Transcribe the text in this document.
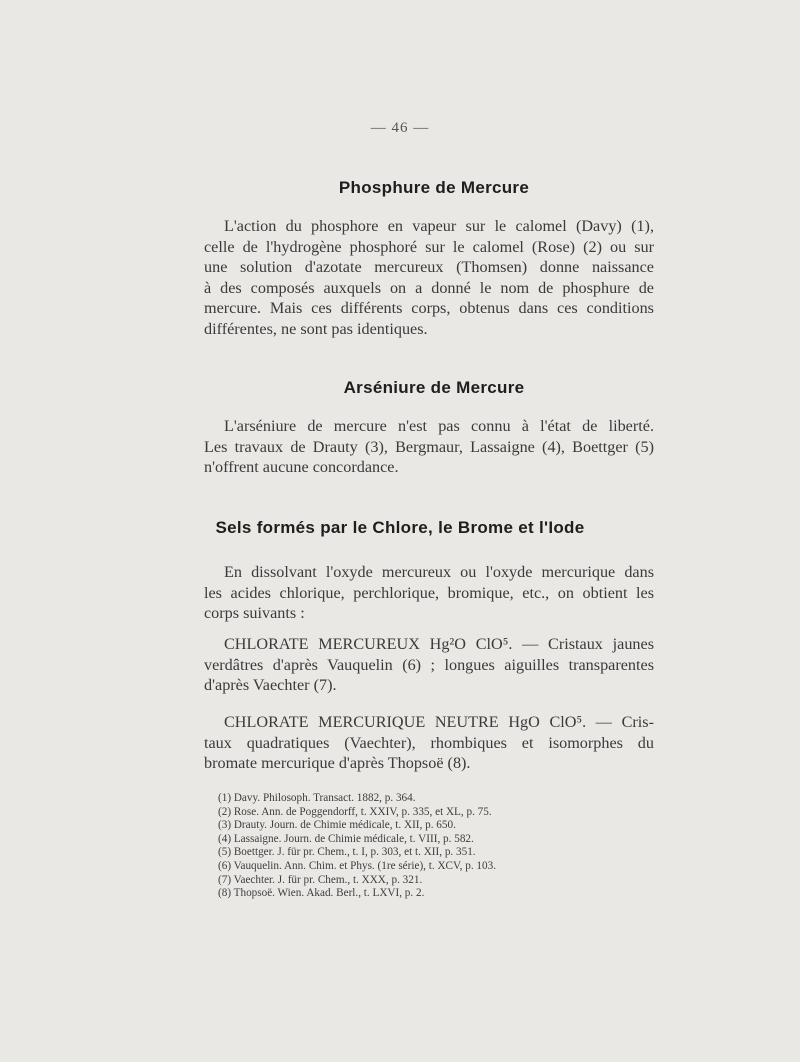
— 46 —
Phosphure de Mercure
L'action du phosphore en vapeur sur le calomel (Davy) (1),
celle de l'hydrogène phosphoré sur le calomel (Rose) (2) ou sur
une solution d'azotate mercureux (Thomsen) donne naissance
à des composés auxquels on a donné le nom de phosphure de
mercure. Mais ces différents corps, obtenus dans ces conditions
différentes, ne sont pas identiques.
Arséniure de Mercure
L'arséniure de mercure n'est pas connu à l'état de liberté.
Les travaux de Drauty (3), Bergmaur, Lassaigne (4), Boettger (5)
n'offrent aucune concordance.
Sels formés par le Chlore, le Brome et l'Iode
En dissolvant l'oxyde mercureux ou l'oxyde mercurique dans
les acides chlorique, perchlorique, bromique, etc., on obtient les
corps suivants :
CHLORATE MERCUREUX Hg²O ClO⁵. — Cristaux jaunes
verdâtres d'après Vauquelin (6) ; longues aiguilles transparentes
d'après Vaechter (7).
CHLORATE MERCURIQUE NEUTRE HgO ClO⁵. — Cris-
taux quadratiques (Vaechter), rhombiques et isomorphes du
bromate mercurique d'après Thopsoë (8).
(1) Davy. Philosoph. Transact. 1882, p. 364.
(2) Rose. Ann. de Poggendorff, t. XXIV, p. 335, et XL, p. 75.
(3) Drauty. Journ. de Chimie médicale, t. XII, p. 650.
(4) Lassaigne. Journ. de Chimie médicale, t. VIII, p. 582.
(5) Boettger. J. für pr. Chem., t. I, p. 303, et t. XII, p. 351.
(6) Vauquelin. Ann. Chim. et Phys. (1re série), t. XCV, p. 103.
(7) Vaechter. J. für pr. Chem., t. XXX, p. 321.
(8) Thopsoë. Wien. Akad. Berl., t. LXVI, p. 2.
